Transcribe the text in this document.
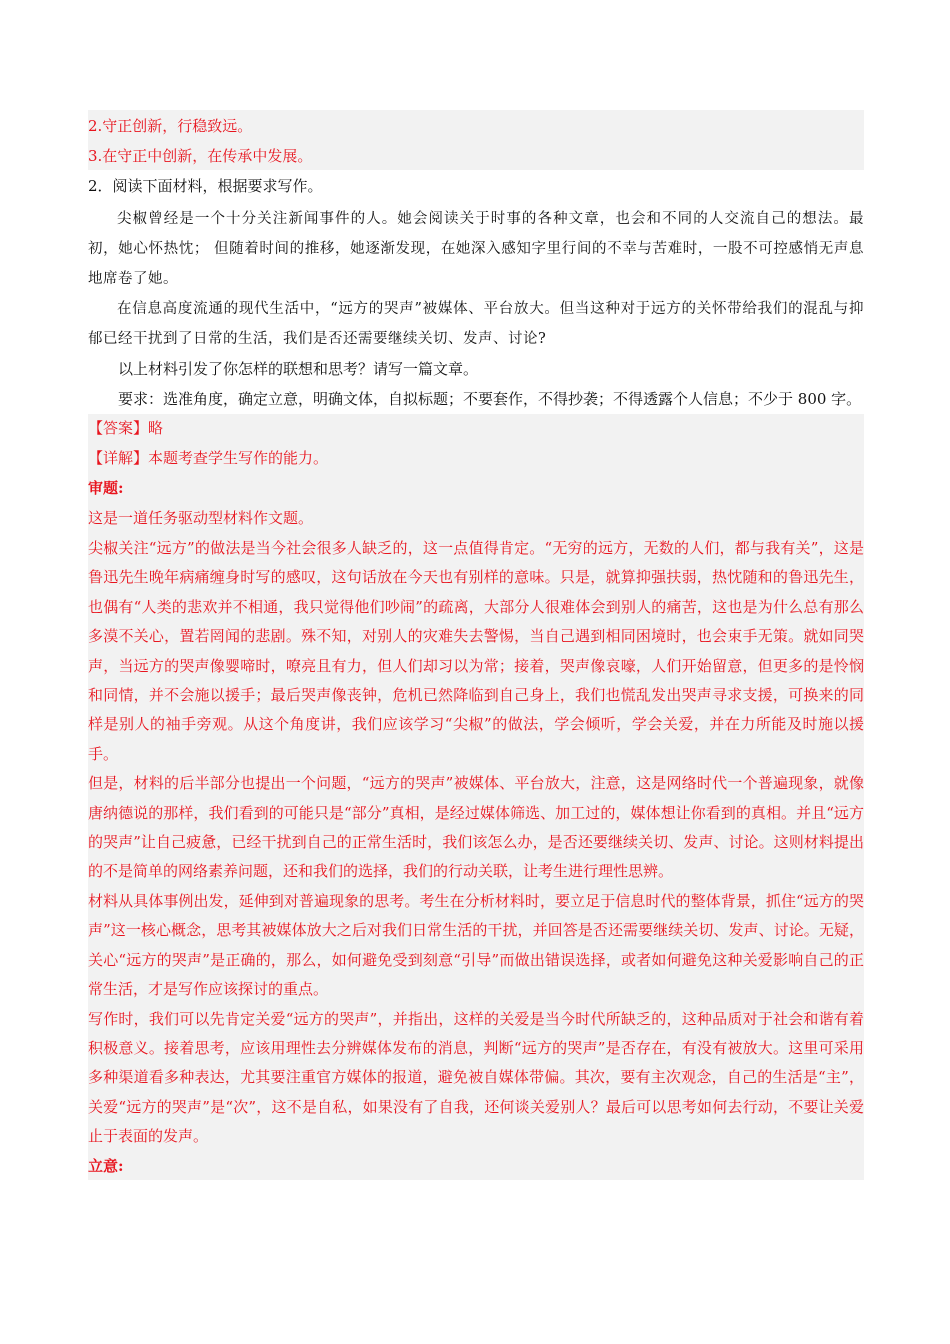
2.守正创新，行稳致远。
3.在守正中创新，在传承中发展。
2．阅读下面材料，根据要求写作。

尖椒曾经是一个十分关注新闻事件的人。她会阅读关于时事的各种文章，也会和不同的人交流自己的想法。最初，她心怀热忱； 但随着时间的推移，她逐渐发现，在她深入感知字里行间的不幸与苦难时，一股不可控感悄无声息地席卷了她。

在信息高度流通的现代生活中，“远方的哭声”被媒体、平台放大。但当这种对于远方的关怀带给我们的混乱与抑郁已经干扰到了日常的生活，我们是否还需要继续关切、发声、讨论?

以上材料引发了你怎样的联想和思考？请写一篇文章。

要求：选准角度，确定立意，明确文体，自拟标题；不要套作，不得抄袭；不得透露个人信息；不少于 800 字。

【答案】略
【详解】本题考查学生写作的能力。
审题:
这是一道任务驱动型材料作文题。

尖椒关注“远方”的做法是当今社会很多人缺乏的，这一点值得肯定。“无穷的远方，无数的人们，都与我有关”，这是鲁迅先生晚年病痛缠身时写的感叹，这句话放在今天也有别样的意味。只是，就算抑强扶弱，热忱随和的鲁迅先生，也偶有“人类的悲欢并不相通，我只觉得他们吵闹”的疏离，大部分人很难体会到别人的痛苦，这也是为什么总有那么多漠不关心，置若罔闻的悲剧。殊不知，对别人的灾难失去警惕，当自己遇到相同困境时，也会束手无策。就如同哭声，当远方的哭声像婴啼时，嘹亮且有力，但人们却习以为常；接着，哭声像哀嚎，人们开始留意，但更多的是怜悯和同情，并不会施以援手；最后哭声像丧钟，危机已然降临到自己身上，我们也慌乱发出哭声寻求支援，可换来的同样是别人的袖手旁观。从这个角度讲，我们应该学习“尖椒”的做法，学会倾听，学会关爱，并在力所能及时施以援手。

但是，材料的后半部分也提出一个问题，“远方的哭声”被媒体、平台放大，注意，这是网络时代一个普遍现象，就像唐纳德说的那样，我们看到的可能只是“部分”真相，是经过媒体筛选、加工过的，媒体想让你看到的真相。并且“远方的哭声”让自己疲惫，已经干扰到自己的正常生活时，我们该怎么办，是否还要继续关切、发声、讨论。这则材料提出的不是简单的网络素养问题，还和我们的选择，我们的行动关联，让考生进行理性思辨。

材料从具体事例出发，延伸到对普遍现象的思考。考生在分析材料时，要立足于信息时代的整体背景，抓住“远方的哭声”这一核心概念，思考其被媒体放大之后对我们日常生活的干扰，并回答是否还需要继续关切、发声、讨论。无疑，关心“远方的哭声”是正确的，那么，如何避免受到刻意“引导”而做出错误选择，或者如何避免这种关爱影响自己的正常生活，才是写作应该探讨的重点。

写作时，我们可以先肯定关爱“远方的哭声”，并指出，这样的关爱是当今时代所缺乏的，这种品质对于社会和谐有着积极意义。接着思考，应该用理性去分辨媒体发布的消息，判断“远方的哭声”是否存在，有没有被放大。这里可采用多种渠道看多种表达，尤其要注重官方媒体的报道，避免被自媒体带偏。其次，要有主次观念，自己的生活是“主”，关爱“远方的哭声”是“次”，这不是自私，如果没有了自我，还何谈关爱别人？最后可以思考如何去行动，不要让关爱止于表面的发声。

立意:
